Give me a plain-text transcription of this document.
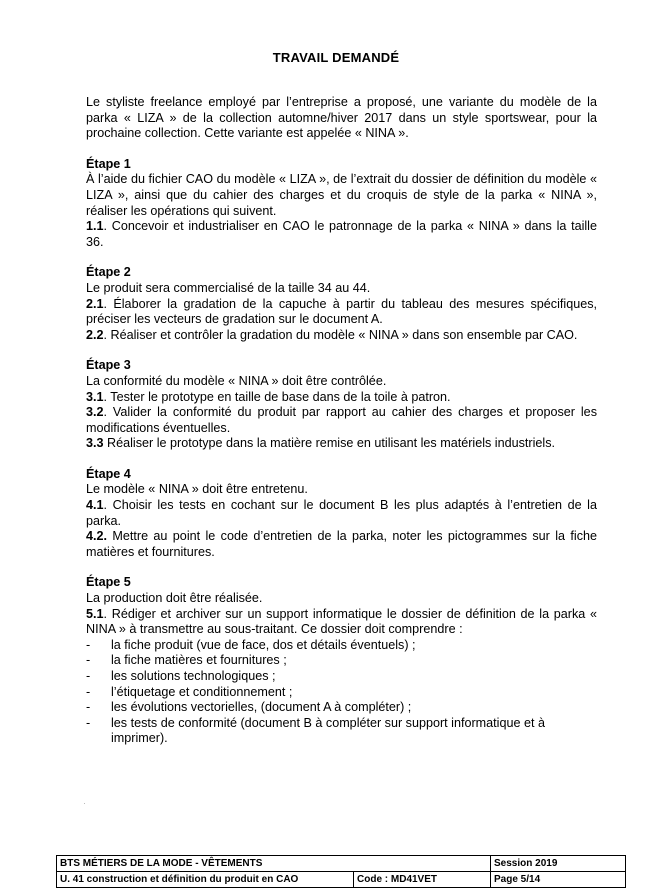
TRAVAIL DEMANDÉ

Le styliste freelance employé par l’entreprise a proposé, une variante du modèle de la parka « LIZA » de la collection automne/hiver 2017 dans un style sportswear, pour la prochaine collection. Cette variante est appelée « NINA ».

Étape 1

À l’aide du fichier CAO du modèle « LIZA », de l’extrait du dossier de définition du modèle « LIZA », ainsi que du cahier des charges et du croquis de style de la parka « NINA », réaliser les opérations qui suivent.

1.1. Concevoir et industrialiser en CAO le patronnage de la parka « NINA » dans la taille 36.

Étape 2

Le produit sera commercialisé de la taille 34 au 44.

2.1. Élaborer la gradation de la capuche à partir du tableau des mesures spécifiques, préciser les vecteurs de gradation sur le document A.

2.2. Réaliser et contrôler la gradation du modèle « NINA » dans son ensemble par CAO.

Étape 3

La conformité du modèle « NINA » doit être contrôlée.

3.1. Tester le prototype en taille de base dans de la toile à patron.

3.2. Valider la conformité du produit par rapport au cahier des charges et proposer les modifications éventuelles.

3.3 Réaliser le prototype dans la matière remise en utilisant les matériels industriels.

Étape 4

Le modèle « NINA » doit être entretenu.

4.1. Choisir les tests en cochant sur le document B les plus adaptés à l’entretien de la parka.

4.2. Mettre au point le code d’entretien de la parka, noter les pictogrammes sur la fiche matières et fournitures.

Étape 5

La production doit être réalisée.

5.1. Rédiger et archiver sur un support informatique le dossier de définition de la parka « NINA » à transmettre au sous-traitant. Ce dossier doit comprendre :

- la fiche produit (vue de face, dos et détails éventuels) ;
- la fiche matières et fournitures ;
- les solutions technologiques ;
- l’étiquetage et conditionnement ;
- les évolutions vectorielles, (document A à compléter) ;
- les tests de conformité (document B à compléter sur support informatique et à imprimer).
BTS MÉTIERS DE LA MODE - VÊTEMENTS		Session 2019
U. 41 construction et définition du produit en CAO	Code : MD41VET	Page 5/14
